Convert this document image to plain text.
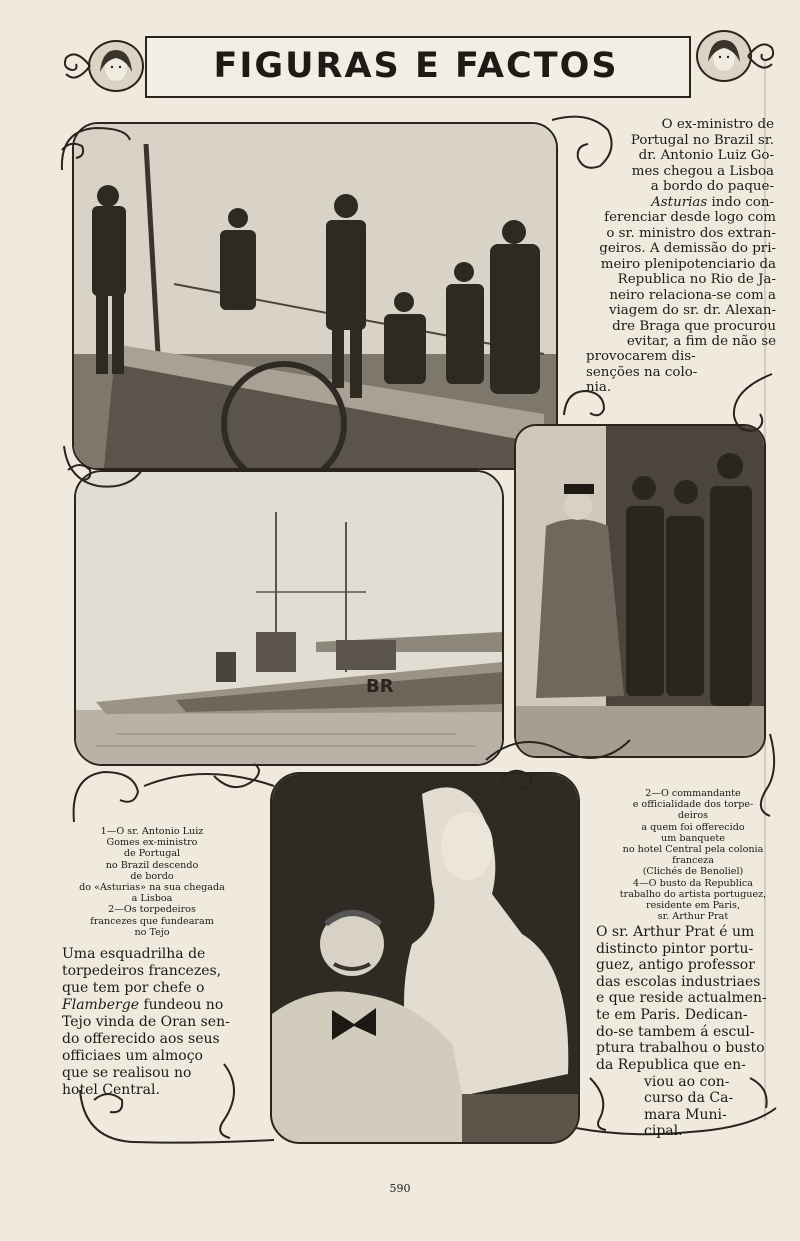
FIGURAS E FACTOS
BR
O ex-ministro de
Portugal no Brazil sr.
dr. Antonio Luiz Go-
mes chegou a Lisboa
a bordo do paque-
Asturias indo con-
ferenciar desde logo com
o sr. ministro dos extran-
geiros. A demissão do pri-
meiro plenipotenciario da
Republica no Rio de Ja-
neiro relaciona-se com a
viagem do sr. dr. Alexan-
dre Braga que procurou
evitar, a fim de não se
provocarem dis-
senções na colo-
nia.
1—O sr. Antonio Luiz
Gomes ex-ministro
de Portugal
no Brazil descendo
de bordo
do «Asturias» na sua chegada
a Lisboa
2—Os torpedeiros
francezes que fundearam
no Tejo
2—O commandante
e officialidade dos torpe-
deiros
a quem foi offerecido
um banquete
no hotel Central pela colonia
franceza
(Clichés de Benoliel)
4—O busto da Republica
trabalho do artista portuguez,
residente em Paris,
sr. Arthur Prat
Uma esquadrilha de
torpedeiros francezes,
que tem por chefe o
Flamberge fundeou no
Tejo vinda de Oran sen-
do offerecido aos seus
officiaes um almoço
que se realisou no
hotel Central.
O sr. Arthur Prat é um
distincto pintor portu-
guez, antigo professor
das escolas industriaes
e que reside actualmen-
te em Paris. Dedican-
do-se tambem á escul-
ptura trabalhou o busto
da Republica que en-
viou ao con-
curso da Ca-
mara Muni-
cipal.
590
